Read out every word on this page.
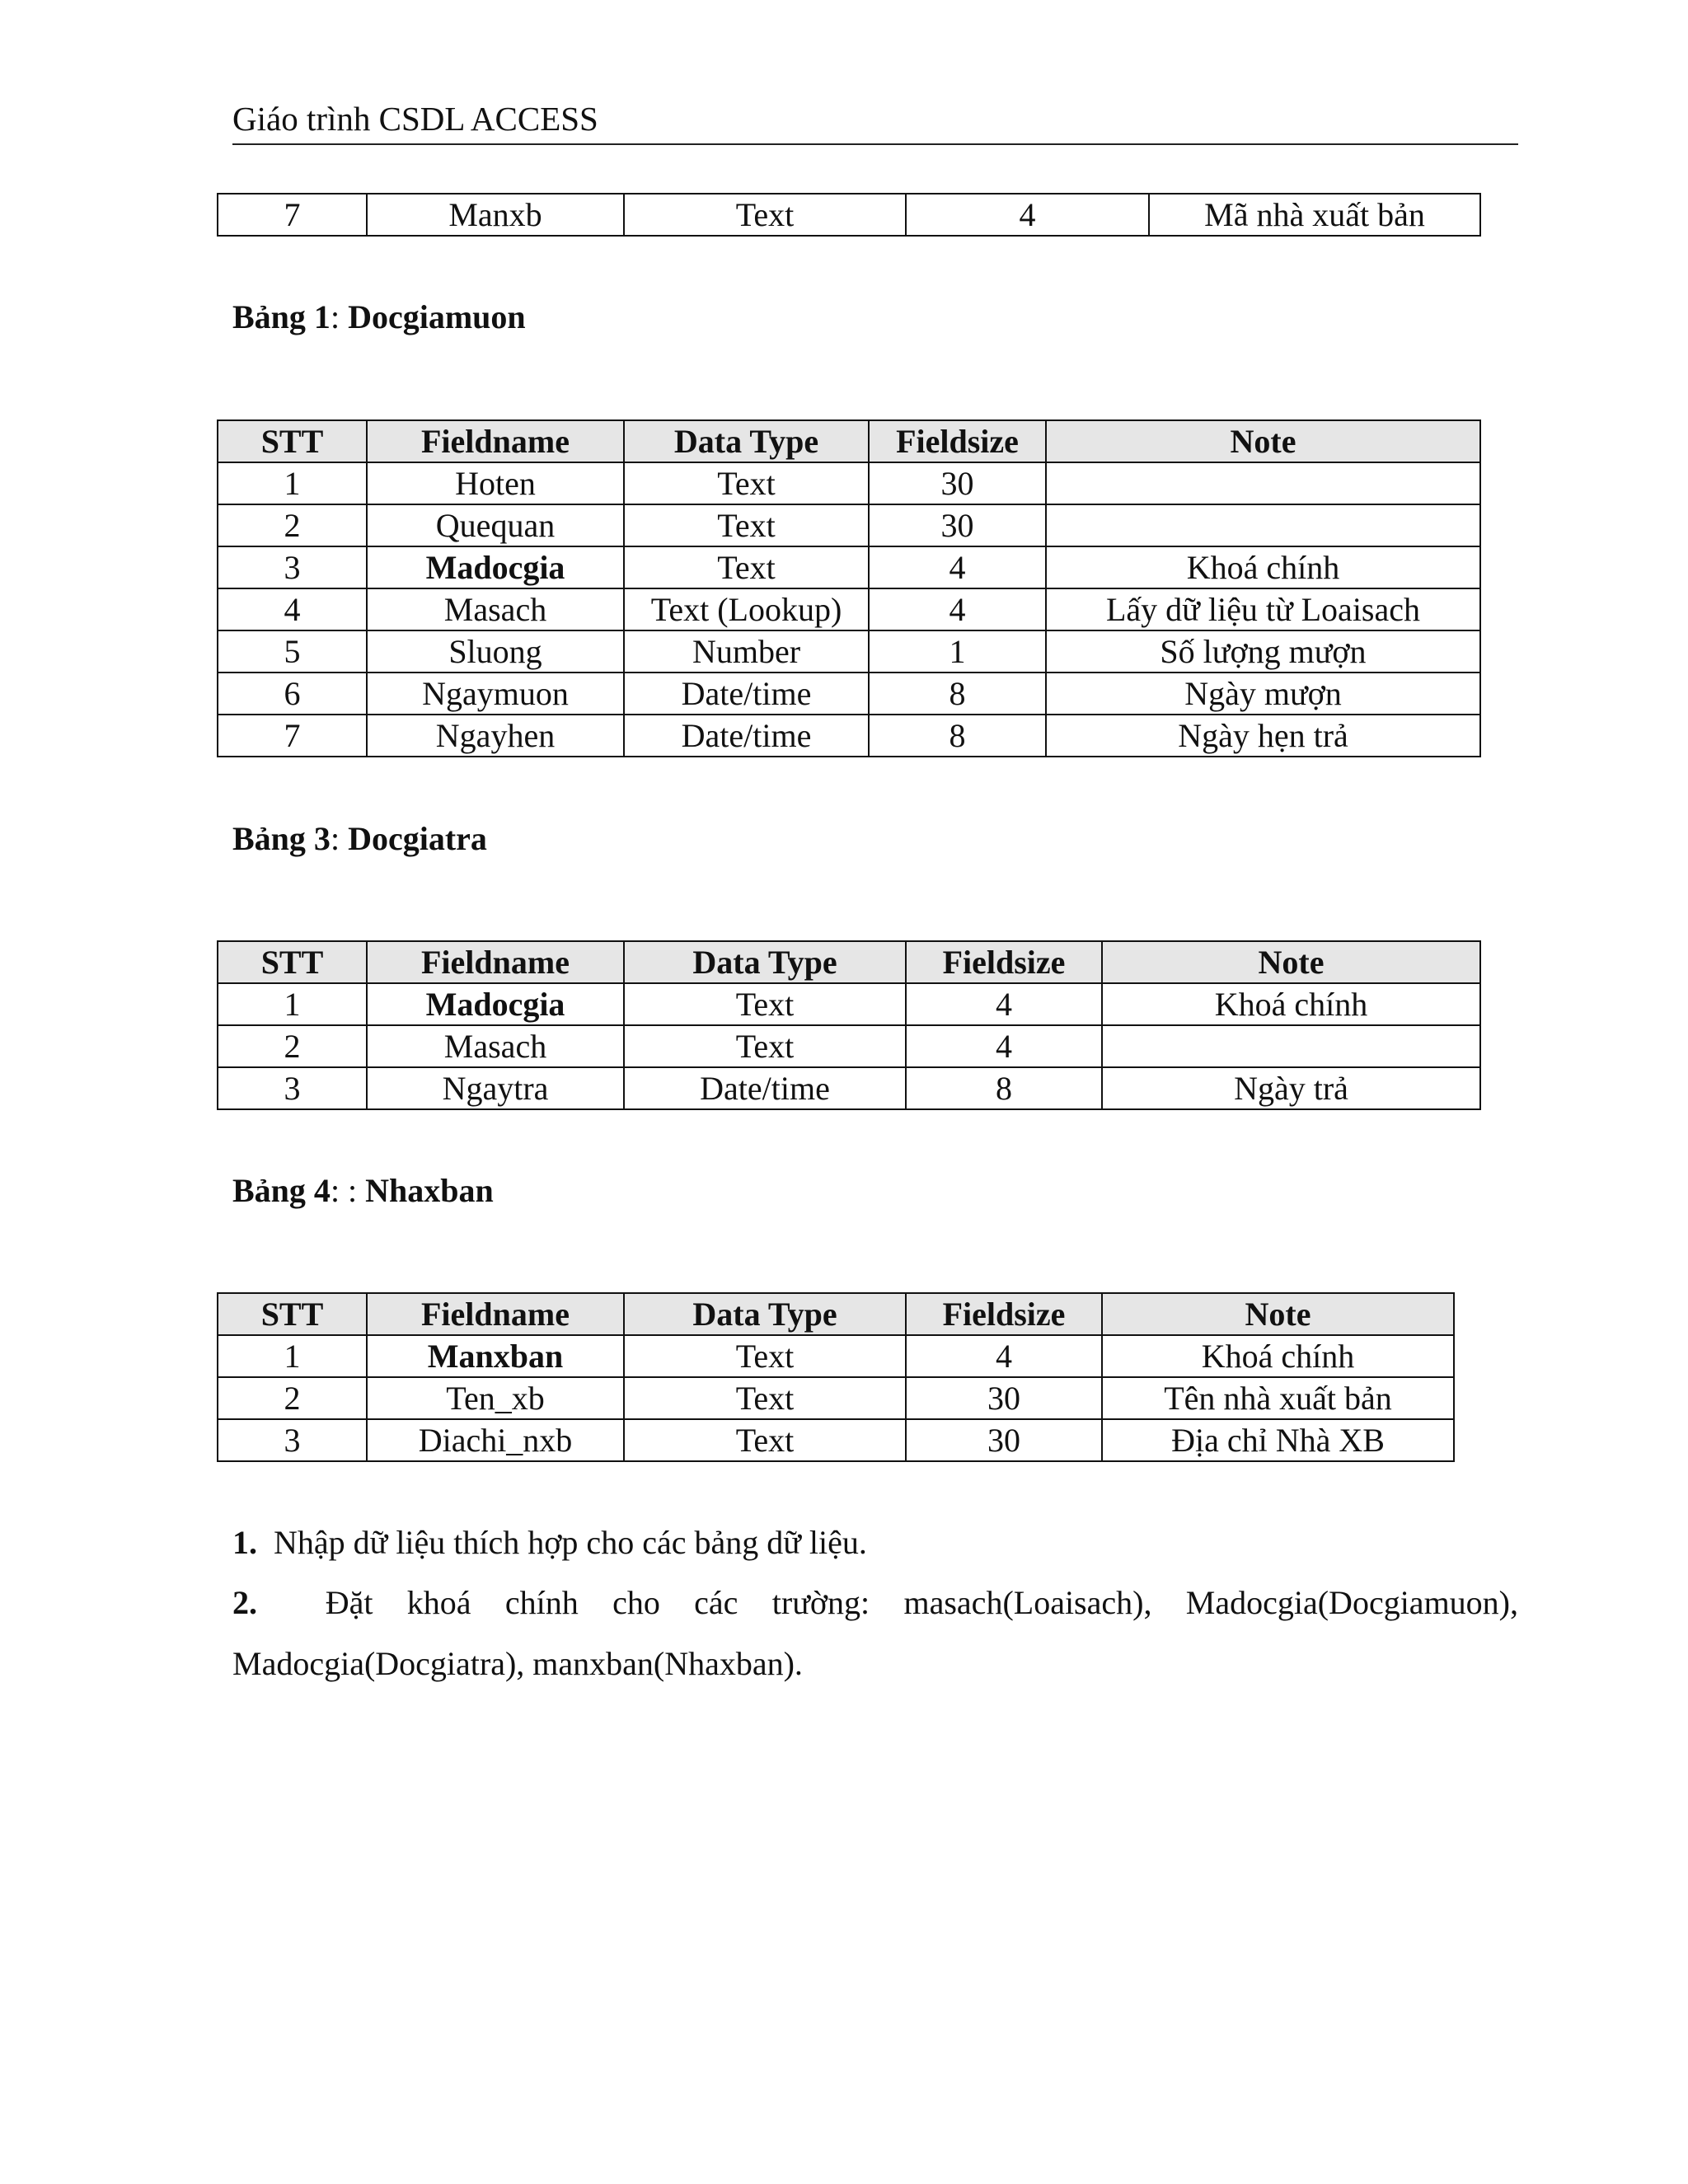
Giáo trình CSDL ACCESS
7	Manxb	Text	4	Mã nhà xuất bản
Bảng 1: Docgiamuon
STT	Fieldname	Data Type	Fieldsize	Note
1	Hoten	Text	30	
2	Quequan	Text	30	
3	Madocgia	Text	4	Khoá chính
4	Masach	Text (Lookup)	4	Lấy dữ liệu từ Loaisach
5	Sluong	Number	1	Số lượng mượn
6	Ngaymuon	Date/time	8	Ngày mượn
7	Ngayhen	Date/time	8	Ngày hẹn trả
Bảng 3: Docgiatra
STT	Fieldname	Data Type	Fieldsize	Note
1	Madocgia	Text	4	Khoá chính
2	Masach	Text	4	
3	Ngaytra	Date/time	8	Ngày trả
Bảng 4: : Nhaxban
STT	Fieldname	Data Type	Fieldsize	Note
1	Manxban	Text	4	Khoá chính
2	Ten_xb	Text	30	Tên nhà xuất bản
3	Diachi_nxb	Text	30	Địa chỉ Nhà XB
1. Nhập dữ liệu thích hợp cho các bảng dữ liệu.
2. Đặt khoá chính cho các trường: masach(Loaisach), Madocgia(Docgiamuon), Madocgia(Docgiatra), manxban(Nhaxban).
